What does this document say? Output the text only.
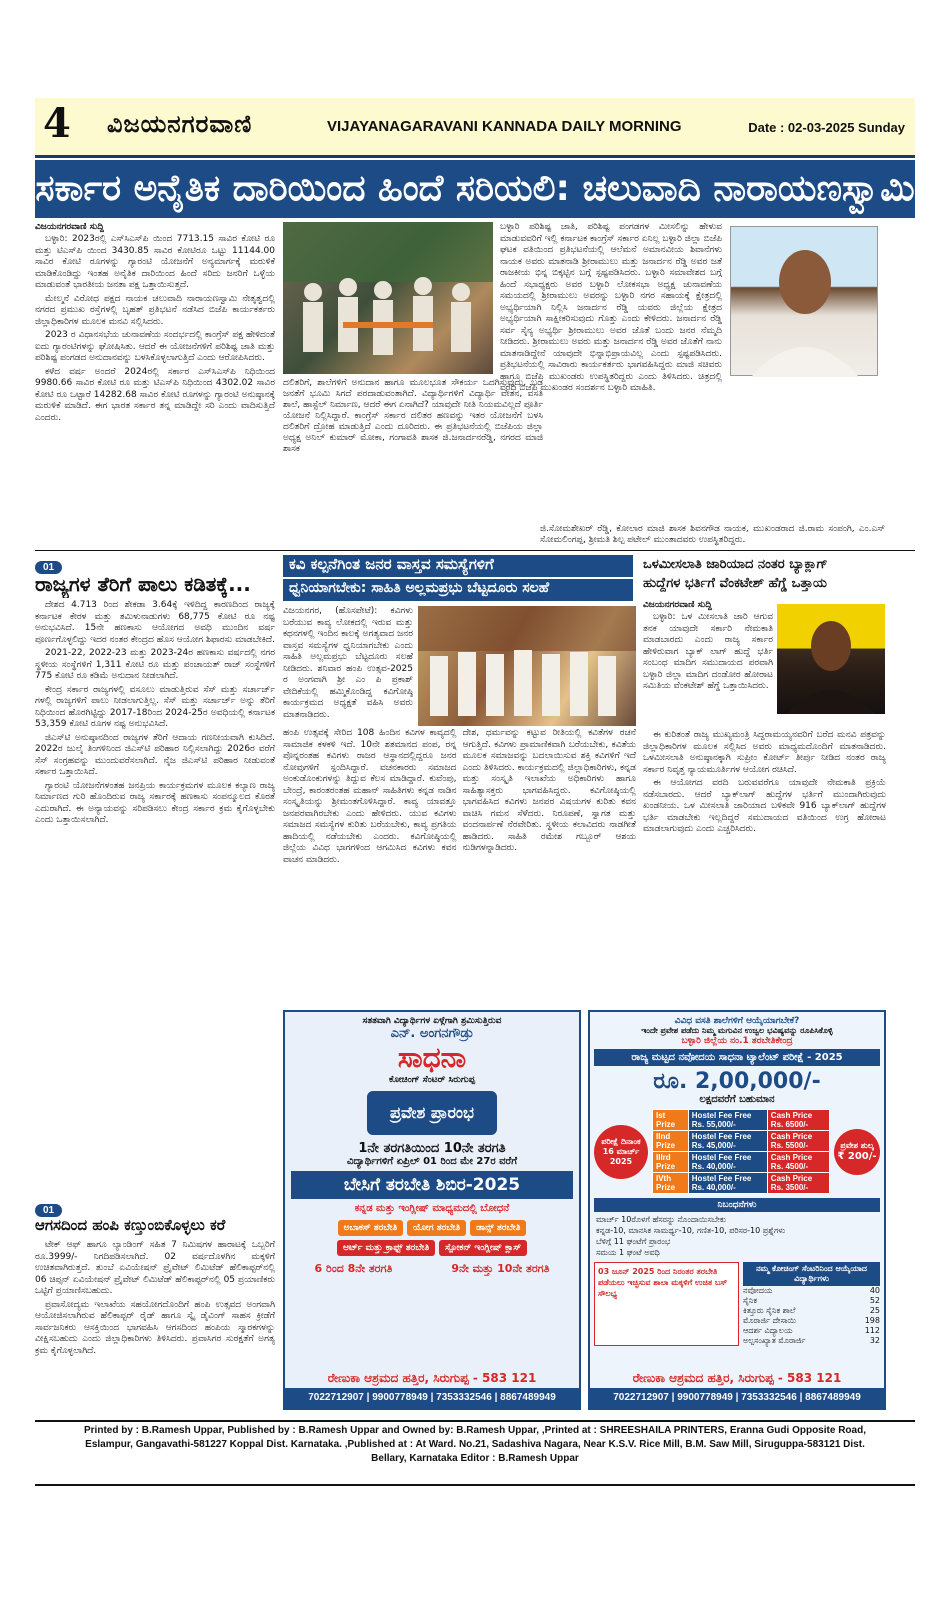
4 ವಿಜಯನಗರವಾಣಿ	VIJAYANAGARAVANI KANNADA DAILY MORNING	Date : 02-03-2025 Sunday
ಸರ್ಕಾರ ಅನೈತಿಕ ದಾರಿಯಿಂದ ಹಿಂದೆ ಸರಿಯಲಿ: ಚಲುವಾದಿ ನಾರಾಯಣಸ್ವಾಮಿ
ವಿಜಯನಗರವಾಣಿ ಸುದ್ದಿ

ಬಳ್ಳಾರಿ: 2023ರಲ್ಲಿ ಎಸ್‌ಸಿಎಸ್‌ಪಿ ಯಿಂದ 7713.15 ಸಾವಿರ ಕೋಟಿ ರೂ ಮತ್ತು ಟಿಎಸ್‌ಪಿ ಯಿಂದ 3430.85 ಸಾವಿರ ಕೋಟಿರೂ ಒಟ್ಟು 11144.00 ಸಾವಿರ ಕೋಟಿ ರೂಗಳನ್ನು ಗ್ಯಾರಂಟಿ ಯೋಜನೆಗೆ ಅನ್ಯಮಾರ್ಗಕ್ಕೆ ಮರುಳಿಕೆ ಮಾಡಿಕೊಂಡಿದ್ದು ಇಂತಹ ಅನೈತಿಕ ದಾರಿಯಿಂದ ಹಿಂದೆ ಸರಿದು ಜನರಿಗೆ ಒಳ್ಳೆಯ ಮಾಡುವಂತೆ ಭಾರತೀಯ ಜನತಾ ಪಕ್ಷ ಒತ್ತಾಯಿಸುತ್ತದೆ.

ಮೇಲ್ಮನೆ ವಿರೋಧ ಪಕ್ಷದ ನಾಯಕ ಚಲುವಾದಿ ನಾರಾಯಣಸ್ವಾಮಿ ನೇತೃತ್ವದಲ್ಲಿ ನಗರದ ಪ್ರಮುಖ ರಸ್ತೆಗಳಲ್ಲಿ ಬೃಹತ್ ಪ್ರತಿಭಟನೆ ನಡೆಸಿದ ಬಿಜೆಪಿ ಕಾರ್ಯಕರ್ತರು ಜಿಲ್ಲಾಧಿಕಾರಿಗಳ ಮೂಲಕ ಮನವಿ ಸಲ್ಲಿಸಿದರು.

2023 ರ ವಿಧಾನಸಭೆಯ ಚುನಾವಣೆಯ ಸಂದರ್ಭದಲ್ಲಿ ಕಾಂಗ್ರೆಸ್ ಪಕ್ಷ ಹೇಳಿದಂತೆ ಐದು ಗ್ಯಾರಂಟಿಗಳನ್ನು ಘೋಷಿಸಿತು. ಆದರೆ ಈ ಯೋಜನೆಗಳಿಗೆ ಪರಿಶಿಷ್ಟ ಜಾತಿ ಮತ್ತು ಪರಿಶಿಷ್ಟ ಪಂಗಡದ ಅನುದಾನವನ್ನು ಬಳಸಿಕೊಳ್ಳಲಾಗುತ್ತಿದೆ ಎಂದು ಆರೋಪಿಸಿದರು.

ಕಳೆದ ವರ್ಷ ಅಂದರೆ 2024ರಲ್ಲಿ ಸರ್ಕಾರ ಎಸ್‌ಸಿಎಸ್‌ಪಿ ನಿಧಿಯಿಂದ 9980.66 ಸಾವಿರ ಕೋಟಿ ರೂ ಮತ್ತು ಟಿಎಸ್‌ಪಿ ನಿಧಿಯಿಂದ 4302.02 ಸಾವಿರ ಕೋಟಿ ರೂ ಒಟ್ಟಾರೆ 14282.68 ಸಾವಿರ ಕೋಟಿ ರೂಗಳನ್ನು ಗ್ಯಾರಂಟಿ ಅನುಷ್ಠಾನಕ್ಕೆ ಮರುಳಿಕೆ ಮಾಡಿದೆ. ಈಗ ಭಾರತ ಸರ್ಕಾರ ತನ್ನ ಮಾಡಿದ್ದೇ ಸರಿ ಎಂದು ವಾದಿಸುತ್ತಿದೆ ಎಂದರು.

ದಲಿತರಿಗೆ, ಶಾಲೆಗಳಿಗೆ ಅನುದಾನ ಹಾಗೂ ಮೂಲಭೂತ ಸೌಕರ್ಯ ಒದಗಿಸುವುದು, ಬಡ ಜನತೆಗೆ ಭೂಮಿ ಸಿಗದೆ ಪರದಾಡುವಂತಾಗಿದೆ. ವಿದ್ಯಾರ್ಥಿಗಳಿಗೆ ವಿದ್ಯಾರ್ಥಿ ವೇತನ, ವಸತಿ ಶಾಲೆ, ಹಾಸ್ಟೆಲ್ ನಿರ್ಮಾಣ, ಆದರೆ ಈಗ ಏನಾಗಿದೆ? ಯಾವುದೇ ನೀತಿ ನಿಯಮವಿಲ್ಲದೆ ಪೂರ್ತಿ ಯೋಜನೆ ನಿಲ್ಲಿಸಿದ್ದಾರೆ. ಕಾಂಗ್ರೆಸ್ ಸರ್ಕಾರ ದಲಿತರ ಹಣವನ್ನು ಇತರ ಯೋಜನೆಗೆ ಬಳಸಿ ದಲಿತರಿಗೆ ದ್ರೋಹ ಮಾಡುತ್ತಿದೆ ಎಂದು ದೂರಿದರು. ಈ ಪ್ರತಿಭಟನೆಯಲ್ಲಿ ಬಿಜೆಪಿಯ ಜಿಲ್ಲಾ ಅಧ್ಯಕ್ಷ ಅನಿಲ್ ಕುಮಾರ್ ಮೋಕಾ, ಗಂಗಾವತಿ ಶಾಸಕ ಜಿ.ಜನಾರ್ದನರೆಡ್ಡಿ, ನಗರದ ಮಾಜಿ ಶಾಸಕ
ಬಳ್ಳಾರಿ ಪರಿಶಿಷ್ಟ ಜಾತಿ, ಪರಿಶಿಷ್ಟ ಪಂಗಡಗಳ ಮೀಸಲಿನ್ನು ಹೇಳುವ ಮಾಡುವವರಿಗೆ ಇಲ್ಲಿ ಕರ್ನಾಟಕ ಕಾಂಗ್ರೆಸ್ ಸರ್ಕಾರ ಏನಿಲ್ಲ ಬಳ್ಳಾರಿ ಜಿಲ್ಲಾ ಬಿಜೆಪಿ ಘಟಕ ವತಿಯಿಂದ ಪ್ರತಿಭಟನೆಯಲ್ಲಿ ಆಲೆಮನೆ ಅಮಾನವೀಯ ಶಿವಾನೆಗಳು ನಾಯಕ ಅವರು ಮಾತನಾಡಿ ಶ್ರೀರಾಮುಲು ಮತ್ತು ಜನಾರ್ದನ ರೆಡ್ಡಿ ಅವರ ಜತೆ ರಾಜಕೀಯ ಭಿನ್ನ ಬಿಕ್ಕಟ್ಟಿನ ಬಗ್ಗೆ ಸ್ಪಷ್ಟಪಡಿಸಿದರು. ಬಳ್ಳಾರಿ ಸಮಾವೇಶದ ಬಗ್ಗೆ ಹಿಂದೆ ಸಭಾಧ್ಯಕ್ಷರು ಅವರ ಬಳ್ಳಾರಿ ಲೋಕಸಭಾ ಅಧ್ಯಕ್ಷ ಚುನಾವಣೆಯ ಸಮಯದಲ್ಲಿ ಶ್ರೀರಾಮುಲು ಅವರನ್ನು ಬಳ್ಳಾರಿ ನಗರ ಸಹಾಯಕ್ಕೆ ಕ್ಷೇತ್ರದಲ್ಲಿ ಅಭ್ಯರ್ಥಿಯಾಗಿ ನಿಲ್ಲಿಸಿ ಜನಾರ್ದನ ರೆಡ್ಡಿ ಯವರು ಜಿಲ್ಲೆಯ ಕ್ಷೇತ್ರದ ಅಭ್ಯರ್ಥಿಯಾಗಿ ಸಾಕ್ಷೀಕರಿಸುವುದು ಗೊತ್ತು ಎಂದು ಕೇಳಿದರು. ಜನಾರ್ದನ ರೆಡ್ಡಿ ಸರ್ವ ಸೈನ್ಯ ಅಭ್ಯರ್ಥಿ ಶ್ರೀರಾಮುಲು ಅವರ ಜೊತೆ ಬಂದು ಜನರ ನೆಮ್ಮದಿ ನೀಡಿದರು. ಶ್ರೀರಾಮುಲು ಅವರು ಮತ್ತು ಜನಾರ್ದನ ರೆಡ್ಡಿ ಅವರ ಜೊತೆಗೆ ನಾನು ಮಾತನಾಡಿದ್ದೇನೆ ಯಾವುದೇ ಭಿನ್ನಾಭಿಪ್ರಾಯವಿಲ್ಲ ಎಂದು ಸ್ಪಷ್ಟಪಡಿಸಿದರು. ಪ್ರತಿಭಟನೆಯಲ್ಲಿ ಸಾವಿರಾರು ಕಾರ್ಯಕರ್ತರು ಭಾಗವಹಿಸಿದ್ದರು ಮಾಜಿ ಸಚಿವರು ಹಾಗೂ ಬಿಜೆಪಿ ಮುಖಂಡರು ಉಪಸ್ಥಿತರಿದ್ದರು ಎಂದು ತಿಳಿಸಿದರು. ಚಿತ್ರದಲ್ಲಿ ವರದಿ ಬಿಜೆಪಿ ಮುಖಂಡರ ಸಂದರ್ಶನ ಬಳ್ಳಾರಿ ಮಾಹಿತಿ.
ಜಿ.ಸೋಮಶೇಖರ್ ರೆಡ್ಡಿ, ಕೋಲಾರ ಮಾಜಿ ಶಾಸಕ ಶಿವನಗೌಡ ನಾಯಕ, ಮುಖಂಡರಾದ ಜಿ.ರಾಮ ಸಂಪಂಗಿ, ಎಂ.ಎಸ್ ಸೋಮಲಿಂಗಪ್ಪ, ಶ್ರೀಮತಿ ಶಿಲ್ಪ ಪಟೇಲ್ ಮುಂತಾದವರು ಉಪಸ್ಥಿತರಿದ್ದರು.
01
ರಾಜ್ಯಗಳ ತೆರಿಗೆ ಪಾಲು ಕಡಿತಕ್ಕೆ...

ದೇಶದ 4.713 ರಿಂದ ಶೇಕಡಾ 3.64ಕ್ಕೆ ಇಳಿದಿದ್ದ ಕಾರಣದಿಂದ ರಾಜ್ಯಕ್ಕೆ ಕರ್ನಾಟಕ ಕೇರಳ ಮತ್ತು ತಮಿಳುನಾಡುಗಳು 68,775 ಕೋಟಿ ರೂ ನಷ್ಟ ಅನುಭವಿಸಿದೆ. 15ನೇ ಹಣಕಾಸು ಆಯೋಗದ ಅವಧಿ ಮುಂದಿನ ವರ್ಷ ಪೂರ್ಣಗೊಳ್ಳಲಿದ್ದು ಇದರ ನಂತರ ಕೇಂದ್ರದ ಹೊಸ ಆಯೋಗ ಶಿಫಾರಸು ಮಾಡಬೇಕಿದೆ.

2021-22, 2022-23 ಮತ್ತು 2023-24ರ ಹಣಕಾಸು ವರ್ಷದಲ್ಲಿ ನಗರ ಸ್ಥಳೀಯ ಸಂಸ್ಥೆಗಳಿಗೆ 1,311 ಕೋಟಿ ರೂ ಮತ್ತು ಪಂಚಾಯತ್ ರಾಜ್ ಸಂಸ್ಥೆಗಳಿಗೆ 775 ಕೋಟಿ ರೂ ಕಡಿಮೆ ಅನುದಾನ ನೀಡಲಾಗಿದೆ.

ಕೇಂದ್ರ ಸರ್ಕಾರ ರಾಜ್ಯಗಳಲ್ಲಿ ವಸೂಲು ಮಾಡುತ್ತಿರುವ ಸೆಸ್ ಮತ್ತು ಸರ್ಚಾರ್ಜ್ ಗಳಲ್ಲಿ ರಾಜ್ಯಗಳಿಗೆ ಪಾಲು ನೀಡಲಾಗುತ್ತಿಲ್ಲ. ಸೆಸ್ ಮತ್ತು ಸರ್ಚಾರ್ಜ್ ಅನ್ನು ತೆರಿಗೆ ನಿಧಿಯಿಂದ ಹೊರಗಿಟ್ಟಿದ್ದು 2017-18ರಿಂದ 2024-25ರ ಅವಧಿಯಲ್ಲಿ ಕರ್ನಾಟಕ 53,359 ಕೋಟಿ ರೂಗಳ ನಷ್ಟ ಅನುಭವಿಸಿದೆ.

ಜಿಎಸ್‌ಟಿ ಅನುಷ್ಠಾನದಿಂದ ರಾಜ್ಯಗಳ ತೆರಿಗೆ ಆದಾಯ ಗಣನೀಯವಾಗಿ ಕುಸಿದಿದೆ. 2022ರ ಜುಲೈ ತಿಂಗಳಿನಿಂದ ಜಿಎಸ್‌ಟಿ ಪರಿಹಾರ ನಿಲ್ಲಿಸಲಾಗಿದ್ದು 2026ರ ವರೆಗೆ ಸೆಸ್ ಸಂಗ್ರಹವನ್ನು ಮುಂದುವರೆಸಲಾಗಿದೆ. ನೈಜ ಜಿಎಸ್‌ಟಿ ಪರಿಹಾರ ನೀಡುವಂತೆ ಸರ್ಕಾರ ಒತ್ತಾಯಿಸಿದೆ.

ಗ್ಯಾರಂಟಿ ಯೋಜನೆಗಳಂತಹ ಜನಪ್ರಿಯ ಕಾರ್ಯಕ್ರಮಗಳ ಮೂಲಕ ಕಲ್ಯಾಣ ರಾಜ್ಯ ನಿರ್ಮಾಣದ ಗುರಿ ಹೊಂದಿರುವ ರಾಜ್ಯ ಸರ್ಕಾರಕ್ಕೆ ಹಣಕಾಸು ಸಂಪನ್ಮೂಲದ ಕೊರತೆ ಎದುರಾಗಿದೆ. ಈ ಅನ್ಯಾಯವನ್ನು ಸರಿಪಡಿಸಲು ಕೇಂದ್ರ ಸರ್ಕಾರ ಕ್ರಮ ಕೈಗೊಳ್ಳಬೇಕು ಎಂದು ಒತ್ತಾಯಿಸಲಾಗಿದೆ.

01
ಆಗಸದಿಂದ ಹಂಪಿ ಕಣ್ತುಂಬಿಕೊಳ್ಳಲು ಕರೆ

ಟೇಕ್ ಆಫ್ ಹಾಗೂ ಲ್ಯಾಂಡಿಂಗ್ ಸಹಿತ 7 ನಿಮಿಷಗಳ ಹಾರಾಟಕ್ಕೆ ಒಬ್ಬರಿಗೆ ರೂ.3999/- ನಿಗದಿಪಡಿಸಲಾಗಿದೆ. 02 ವರ್ಷದೊಳಗಿನ ಮಕ್ಕಳಿಗೆ ಉಚಿತವಾಗಿರುತ್ತದೆ. ತುಂಬೆ ಏವಿಯೇಷನ್ ಪ್ರೈವೇಟ್ ಲಿಮಿಟೆಡ್ ಹೆಲಿಕಾಪ್ಟರ್‌ನಲ್ಲಿ 06 ಚಿಪ್ಸನ್ ಏವಿಯೇಷನ್ ಪ್ರೈವೇಟ್ ಲಿಮಿಟೆಡ್ ಹೆಲಿಕಾಪ್ಟರ್‌ನಲ್ಲಿ 05 ಪ್ರಯಾಣಿಕರು ಒಟ್ಟಿಗೆ ಪ್ರಯಾಣಿಸಬಹುದು.

ಪ್ರವಾಸೋದ್ಯಮ ಇಲಾಖೆಯ ಸಹಯೋಗದೊಂದಿಗೆ ಹಂಪಿ ಉತ್ಸವದ ಅಂಗವಾಗಿ ಆಯೋಜಿಸಲಾಗಿರುವ ಹೆಲಿಕಾಪ್ಟರ್ ರೈಡ್ ಹಾಗೂ ಸ್ಕೈ ಡೈವಿಂಗ್ ಸಾಹಸ ಕ್ರೀಡೆಗೆ ಸಾರ್ವಜನಿಕರು ಆಸಕ್ತಿಯಿಂದ ಭಾಗವಹಿಸಿ ಆಗಸದಿಂದ ಹಂಪಿಯ ಸ್ಮಾರಕಗಳನ್ನು ವೀಕ್ಷಿಸಬಹುದು ಎಂದು ಜಿಲ್ಲಾಧಿಕಾರಿಗಳು ತಿಳಿಸಿದರು. ಪ್ರವಾಸಿಗರ ಸುರಕ್ಷತೆಗೆ ಅಗತ್ಯ ಕ್ರಮ ಕೈಗೊಳ್ಳಲಾಗಿದೆ.

ಕವಿ ಕಲ್ಪನೆಗಿಂತ ಜನರ ವಾಸ್ತವ ಸಮಸ್ಯೆಗಳಿಗೆ
ಧ್ವನಿಯಾಗಬೇಕು: ಸಾಹಿತಿ ಅಲ್ಲಮಪ್ರಭು ಬೆಟ್ಟದೂರು ಸಲಹೆ
ವಿಜಯನಗರ, (ಹೊಸಪೇಟೆ): ಕವಿಗಳು ಬರೆಯುವ ಕಾವ್ಯ ಲೋಕದಲ್ಲಿ ಇರುವ ಮತ್ತು ಕಥನಗಳಲ್ಲಿ ಇಂದಿನ ಕಾಲಕ್ಕೆ ಅಗತ್ಯವಾದ ಜನರ ವಾಸ್ತವ ಸಮಸ್ಯೆಗಳ ಧ್ವನಿಯಾಗಬೇಕು ಎಂದು ಸಾಹಿತಿ ಅಲ್ಲಮಪ್ರಭು ಬೆಟ್ಟದೂರು ಸಲಹೆ ನೀಡಿದರು. ಶನಿವಾರ ಹಂಪಿ ಉತ್ಸವ-2025 ರ ಅಂಗವಾಗಿ ಶ್ರೀ ಎಂ ಪಿ ಪ್ರಕಾಶ್ ವೇದಿಕೆಯಲ್ಲಿ ಹಮ್ಮಿಕೊಂಡಿದ್ದ ಕವಿಗೋಷ್ಠಿ ಕಾರ್ಯಕ್ರಮದ ಅಧ್ಯಕ್ಷತೆ ವಹಿಸಿ ಅವರು ಮಾತನಾಡಿದರು.
ಹಂಪಿ ಉತ್ಸವಕ್ಕೆ ಸೇರಿದ 108 ಹಿಂದಿನ ಕವಿಗಳ ಕಾವ್ಯದಲ್ಲಿ ಸಾಮಾಜಿಕ ಕಳಕಳಿ ಇದೆ. 10ನೇ ಶತಮಾನದ ಪಂಪ, ರನ್ನ ಪೊನ್ನರಂತಹ ಕವಿಗಳು ರಾಜರ ಆಸ್ಥಾನದಲ್ಲಿದ್ದರೂ ಜನರ ನೋವುಗಳಿಗೆ ಸ್ಪಂದಿಸಿದ್ದಾರೆ. ವಚನಕಾರರು ಸಮಾಜದ ಅಂಕುಡೊಂಕುಗಳನ್ನು ತಿದ್ದುವ ಕೆಲಸ ಮಾಡಿದ್ದಾರೆ. ಕುವೆಂಪು, ಬೇಂದ್ರೆ, ಕಾರಂತರಂತಹ ಮಹಾನ್ ಸಾಹಿತಿಗಳು ಕನ್ನಡ ನಾಡಿನ ಸಂಸ್ಕೃತಿಯನ್ನು ಶ್ರೀಮಂತಗೊಳಿಸಿದ್ದಾರೆ. ಕಾವ್ಯ ಯಾವತ್ತೂ ಜನಪರವಾಗಿರಬೇಕು ಎಂದು ಹೇಳಿದರು. ಯುವ ಕವಿಗಳು ಸಮಾಜದ ಸಮಸ್ಯೆಗಳ ಕುರಿತು ಬರೆಯಬೇಕು, ಕಾವ್ಯ ಪ್ರಗತಿಯ ಹಾದಿಯಲ್ಲಿ ನಡೆಯಬೇಕು ಎಂದರು. ಕವಿಗೋಷ್ಠಿಯಲ್ಲಿ ಜಿಲ್ಲೆಯ ವಿವಿಧ ಭಾಗಗಳಿಂದ ಆಗಮಿಸಿದ ಕವಿಗಳು ಕವನ ವಾಚನ ಮಾಡಿದರು.
ದೇಶ, ಧರ್ಮವನ್ನು ಕಟ್ಟುವ ರೀತಿಯಲ್ಲಿ ಕವಿತೆಗಳ ರಚನೆ ಆಗುತ್ತಿದೆ. ಕವಿಗಳು ಪ್ರಾಮಾಣಿಕವಾಗಿ ಬರೆಯಬೇಕು, ಕವಿತೆಯ ಮೂಲಕ ಸಮಾಜವನ್ನು ಬದಲಾಯಿಸುವ ಶಕ್ತಿ ಕವಿಗಳಿಗೆ ಇದೆ ಎಂದು ತಿಳಿಸಿದರು. ಕಾರ್ಯಕ್ರಮದಲ್ಲಿ ಜಿಲ್ಲಾಧಿಕಾರಿಗಳು, ಕನ್ನಡ ಮತ್ತು ಸಂಸ್ಕೃತಿ ಇಲಾಖೆಯ ಅಧಿಕಾರಿಗಳು ಹಾಗೂ ಸಾಹಿತ್ಯಾಸಕ್ತರು ಭಾಗವಹಿಸಿದ್ದರು. ಕವಿಗೋಷ್ಠಿಯಲ್ಲಿ ಭಾಗವಹಿಸಿದ ಕವಿಗಳು ಜನಪರ ವಿಷಯಗಳ ಕುರಿತು ಕವನ ವಾಚಿಸಿ ಗಮನ ಸೆಳೆದರು. ನಿರೂಪಣೆ, ಸ್ವಾಗತ ಮತ್ತು ವಂದನಾರ್ಪಣೆ ನೆರವೇರಿತು. ಸ್ಥಳೀಯ ಕಲಾವಿದರು ನಾಡಗೀತೆ ಹಾಡಿದರು. ಸಾಹಿತಿ ರಮೇಶ ಗಬ್ಬೂರ್ ಆಶಯ ನುಡಿಗಳನ್ನಾಡಿದರು.
ಒಳಮೀಸಲಾತಿ ಜಾರಿಯಾದ ನಂತರ ಬ್ಯಾಕ್ಲಾಗ್
ಹುದ್ದೆಗಳ ಭರ್ತಿಗೆ ವೆಂಕಟೇಶ್ ಹೆಗ್ಡೆ ಒತ್ತಾಯ
ವಿಜಯನಗರವಾಣಿ ಸುದ್ದಿ

ಬಳ್ಳಾರಿ: ಒಳ ಮೀಸಲಾತಿ ಜಾರಿ ಆಗುವ ತನಕ ಯಾವುದೇ ಸರ್ಕಾರಿ ನೇಮಕಾತಿ ಮಾಡಬಾರದು ಎಂದು ರಾಜ್ಯ ಸರ್ಕಾರ ಹೇಳಿರುವಾಗ ಬ್ಯಾಕ್ ಲಾಗ್ ಹುದ್ದೆ ಭರ್ತಿ ಸಂಬಂಧ ಮಾದಿಗ ಸಮುದಾಯದ ಪರವಾಗಿ ಬಳ್ಳಾರಿ ಜಿಲ್ಲಾ ಮಾದಿಗ ದಂಡೋರ ಹೋರಾಟ ಸಮಿತಿಯ ವೆಂಕಟೇಶ್ ಹೆಗ್ಡೆ ಒತ್ತಾಯಿಸಿದರು.

ಈ ಕುರಿತಂತೆ ರಾಜ್ಯ ಮುಖ್ಯಮಂತ್ರಿ ಸಿದ್ದರಾಮಯ್ಯನವರಿಗೆ ಬರೆದ ಮನವಿ ಪತ್ರವನ್ನು ಜಿಲ್ಲಾಧಿಕಾರಿಗಳ ಮೂಲಕ ಸಲ್ಲಿಸಿದ ಅವರು ಮಾಧ್ಯಮದೊಂದಿಗೆ ಮಾತನಾಡಿದರು. ಒಳಮೀಸಲಾತಿ ಅನುಷ್ಠಾನಕ್ಕಾಗಿ ಸುಪ್ರೀಂ ಕೋರ್ಟ್ ತೀರ್ಪು ನೀಡಿದ ನಂತರ ರಾಜ್ಯ ಸರ್ಕಾರ ನಿವೃತ್ತ ನ್ಯಾಯಮೂರ್ತಿಗಳ ಆಯೋಗ ರಚಿಸಿದೆ.

ಈ ಆಯೋಗದ ವರದಿ ಬರುವವರೆಗೂ ಯಾವುದೇ ನೇಮಕಾತಿ ಪ್ರಕ್ರಿಯೆ ನಡೆಸಬಾರದು. ಆದರೆ ಬ್ಯಾಕ್‌ಲಾಗ್ ಹುದ್ದೆಗಳ ಭರ್ತಿಗೆ ಮುಂದಾಗಿರುವುದು ಖಂಡನೀಯ. ಒಳ ಮೀಸಲಾತಿ ಜಾರಿಯಾದ ಬಳಿಕವೇ 916 ಬ್ಯಾಕ್‌ಲಾಗ್ ಹುದ್ದೆಗಳ ಭರ್ತಿ ಮಾಡಬೇಕು ಇಲ್ಲದಿದ್ದರೆ ಸಮುದಾಯದ ವತಿಯಿಂದ ಉಗ್ರ ಹೋರಾಟ ಮಾಡಲಾಗುವುದು ಎಂದು ಎಚ್ಚರಿಸಿದರು.

ಸತತವಾಗಿ ವಿದ್ಯಾರ್ಥಿಗಳ ಏಳ್ಗೆಗಾಗಿ ಶ್ರಮಿಸುತ್ತಿರುವ
ಎನ್. ಅಂಗನಗೌಡ್ರು
ಸಾಧನಾ
ಕೋಚಿಂಗ್ ಸೆಂಟರ್ ಸಿರುಗುಪ್ಪ
ಪ್ರವೇಶ ಪ್ರಾರಂಭ
1ನೇ ತರಗತಿಯಿಂದ 10ನೇ ತರಗತಿ
ವಿದ್ಯಾರ್ಥಿಗಳಿಗೆ ಏಪ್ರಿಲ್ 01 ರಿಂದ ಮೇ 27ರ ವರೆಗೆ
ಬೇಸಿಗೆ ತರಬೇತಿ ಶಿಬಿರ-2025
ಕನ್ನಡ ಮತ್ತು ಇಂಗ್ಲೀಷ್ ಮಾಧ್ಯಮದಲ್ಲಿ ಬೋಧನೆ
ಅಬಾಕಸ್ ತರಬೇತಿ	ಯೋಗ ತರಬೇತಿ	ಡಾನ್ಸ್ ತರಬೇತಿ
ಆರ್ಟ್ ಮತ್ತು ಕ್ರಾಫ್ಟ್ ತರಬೇತಿ	ಸ್ಪೋಕನ್ ಇಂಗ್ಲೀಷ್ ಕ್ಲಾಸ್
6 ರಿಂದ 8ನೇ ತರಗತಿ	9ನೇ ಮತ್ತು 10ನೇ ತರಗತಿ
ರೇಣುಕಾ ಆಶ್ರಮದ ಹತ್ತಿರ, ಸಿರುಗುಪ್ಪ - 583 121
7022712907 | 9900778949 | 7353332546 | 8867489949
ವಿವಿಧ ವಸತಿ ಶಾಲೆಗಳಿಗೆ ಆಯ್ಕೆಯಾಗಬೇಕೆ?
ಇಂದೇ ಪ್ರವೇಶ ಪಡೆದು ನಿಮ್ಮ ಮಗುವಿನ ಉಜ್ವಲ ಭವಿಷ್ಯವನ್ನು ರೂಪಿಸಿಕೊಳ್ಳಿ
ಬಳ್ಳಾರಿ ಜಿಲ್ಲೆಯ ನಂ.1 ತರಬೇತಿಕೇಂದ್ರ
ರಾಜ್ಯ ಮಟ್ಟದ ನವೋದಯ ಸಾಧನಾ ಟ್ಯಾಲೆಂಟ್ ಪರೀಕ್ಷೆ - 2025
ರೂ. 2,00,000/-
ಲಕ್ಷದವರೆಗೆ ಬಹುಮಾನ
ಪರೀಕ್ಷೆ ದಿನಾಂಕ 16 ಮಾರ್ಚ್ 2025
Ist Prize	Hostel Fee Free Rs. 55,000/-	Cash Price Rs. 6500/-
IInd Prize	Hostel Fee Free Rs. 45,000/-	Cash Price Rs. 5500/-
IIIrd Prize	Hostel Fee Free Rs. 40,000/-	Cash Price Rs. 4500/-
IVth Prize	Hostel Fee Free Rs. 40,000/-	Cash Price Rs. 3500/-
ಪ್ರವೇಶ ಶುಲ್ಕ
₹ 200/-
ನಿಬಂಧನೆಗಳು
ಮಾರ್ಚ್ 10ರೊಳಗೆ ಹೆಸರನ್ನು ನೊಂದಾಯಿಸಬೇಕು
ಕನ್ನಡ-10, ಮಾನಸಿಕ ಸಾಮರ್ಥ್ಯ-10, ಗಣಿತ-10, ಪರಿಸರ-10 ಪ್ರಶ್ನೆಗಳು
ಬೆಳಿಗ್ಗೆ 11 ಘಂಟೆಗೆ ಪ್ರಾರಂಭ
ಸಮಯ 1 ಘಂಟೆ ಅವಧಿ
03 ಜೂನ್ 2025 ರಿಂದ ನಿರಂತರ ತರಬೇತಿ ಪಡೆಯಲು ಇಚ್ಛಿಸುವ ಶಾಲಾ ಮಕ್ಕಳಿಗೆ ಉಚಿತ ಬಸ್ ಸೌಲಭ್ಯ
ನಮ್ಮ ಕೋಚಿಂಗ್ ಸೆಂಟರಿನಿಂದ ಆಯ್ಕೆಯಾದ ವಿದ್ಯಾರ್ಥಿಗಳು
ನವೋದಯ	40
ಸೈನಿಕ	52
ಕಿತ್ತೂರು ಸೈನಿಕ ಶಾಲೆ	25
ಮೊರಾರ್ಜಿ ದೇಸಾಯಿ	198
ಆದರ್ಶ ವಿದ್ಯಾಲಯ	112
ಅಲ್ಪಸಂಖ್ಯಾತ ಮೊರಾರ್ಜಿ	32
ರೇಣುಕಾ ಆಶ್ರಮದ ಹತ್ತಿರ, ಸಿರುಗುಪ್ಪ - 583 121
7022712907 | 9900778949 | 7353332546 | 8867489949
Printed by : B.Ramesh Uppar, Published by : B.Ramesh Uppar and Owned by: B.Ramesh Uppar, ,Printed at : SHREESHAILA PRINTERS, Eranna Gudi Opposite Road,
Eslampur, Gangavathi-581227 Koppal Dist. Karnataka. ,Published at : At Ward. No.21, Sadashiva Nagara, Near K.S.V. Rice Mill, B.M. Saw Mill, Siruguppa-583121 Dist.
Bellary, Karnataka Editor : B.Ramesh Uppar
